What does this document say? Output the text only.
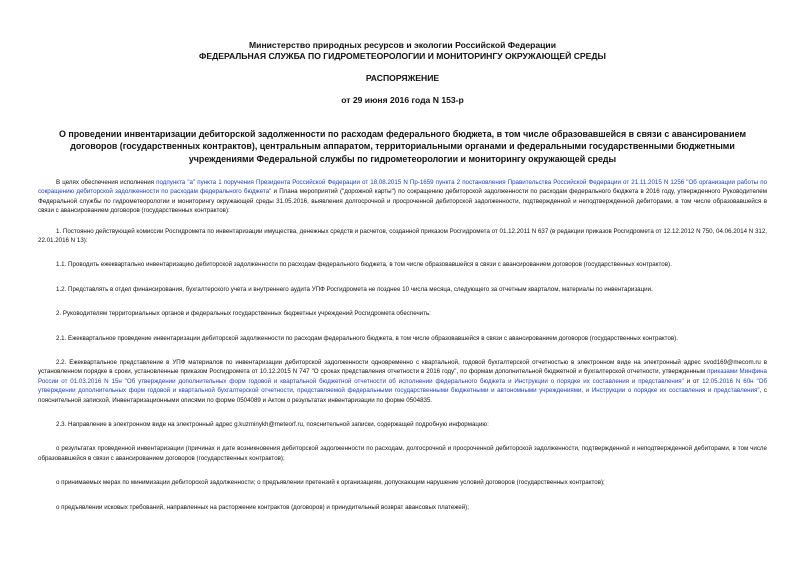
Министерство природных ресурсов и экологии Российской Федерации
ФЕДЕРАЛЬНАЯ СЛУЖБА ПО ГИДРОМЕТЕОРОЛОГИИ И МОНИТОРИНГУ ОКРУЖАЮЩЕЙ СРЕДЫ
РАСПОРЯЖЕНИЕ
от 29 июня 2016 года N 153-р
О проведении инвентаризации дебиторской задолженности по расходам федерального бюджета, в том числе образовавшейся в связи с авансированием договоров (государственных контрактов), центральным аппаратом, территориальными органами и федеральными государственными бюджетными учреждениями Федеральной службы по гидрометеорологии и мониторингу окружающей среды

В целях обеспечения исполнения подпункта "а" пункта 1 поручения Президента Российской Федерации от 18.08.2015 N Пр-1659 пункта 2 постановления Правительства Российской Федерации от 21.11.2015 N 1256 "Об организации работы по сокращению дебиторской задолженности по расходам федерального бюджета" и Плана мероприятий ("дорожной карты") по сокращению дебиторской задолженности по расходам федерального бюджета в 2016 году, утвержденного Руководителем Федеральной службы по гидрометеорологии и мониторингу окружающей среды 31.05.2016, выявления долгосрочной и просроченной дебиторской задолженности, подтвержденной и неподтвержденной дебиторами, в том числе образовавшейся в связи с авансированием договоров (государственных контрактов):

1. Постоянно действующей комиссии Росгидромета по инвентаризации имущества, денежных средств и расчетов, созданной приказом Росгидромета от 01.12.2011 N 637 (в редакции приказов Росгидромета от 12.12.2012 N 750, 04.06.2014 N 312, 22.01.2016 N 13):

1.1. Проводить ежеквартально инвентаризацию дебиторской задолженности по расходам федерального бюджета, в том числе образовавшейся в связи с авансированием договоров (государственных контрактов).

1.2. Представлять в отдел финансирования, бухгалтерского учета и внутреннего аудита УПФ Росгидромета не позднее 10 числа месяца, следующего за отчетным кварталом, материалы по инвентаризации.

2. Руководителям территориальных органов и федеральных государственных бюджетных учреждений Росгидромета обеспечить:

2.1. Ежеквартальное проведение инвентаризации дебиторской задолженности по расходам федерального бюджета, в том числе образовавшейся в связи с авансированием договоров (государственных контрактов).

2.2. Ежеквартальное представление в УПФ материалов по инвентаризации дебиторской задолженности одновременно с квартальной, годовой бухгалтерской отчетностью в электронном виде на электронный адрес svod169@mecom.ru в установленном порядке в сроки, установленные приказом Росгидромета от 10.12.2015 N 747 "О сроках представления отчетности в 2016 году", по формам дополнительной бюджетной и бухгалтерской отчетности, утвержденным приказами Минфина России от 01.03.2016 N 15н "Об утверждении дополнительных форм годовой и квартальной бюджетной отчетности об исполнении федерального бюджета и Инструкции о порядке их составления и представления" и от 12.05.2016 N 60н "Об утверждении дополнительных форм годовой и квартальной бухгалтерской отчетности, представляемой федеральными государственными бюджетными и автономными учреждениями, и Инструкции о порядке их составления и представления", с пояснительной запиской, Инвентаризационными описями по форме 0504089 и Актом о результатах инвентаризации по форме 0504835.

2.3. Направление в электронном виде на электронный адрес g.kuzminykh@meteorf.ru, пояснительной записки, содержащей подробную информацию:

о результатах проведенной инвентаризации (причинах и дате возникновения дебиторской задолженности по расходам, долгосрочной и просроченной дебиторской задолженности, подтвержденной и неподтвержденной дебиторами, в том числе образовавшейся в связи с авансированием договоров (государственных контрактов);

о принимаемых мерах по минимизации дебиторской задолженности; о предъявлении претензий к организациям, допускающим нарушение условий договоров (государственных контрактов);

о предъявлении исковых требований, направленных на расторжение контрактов (договоров) и принудительный возврат авансовых платежей);
